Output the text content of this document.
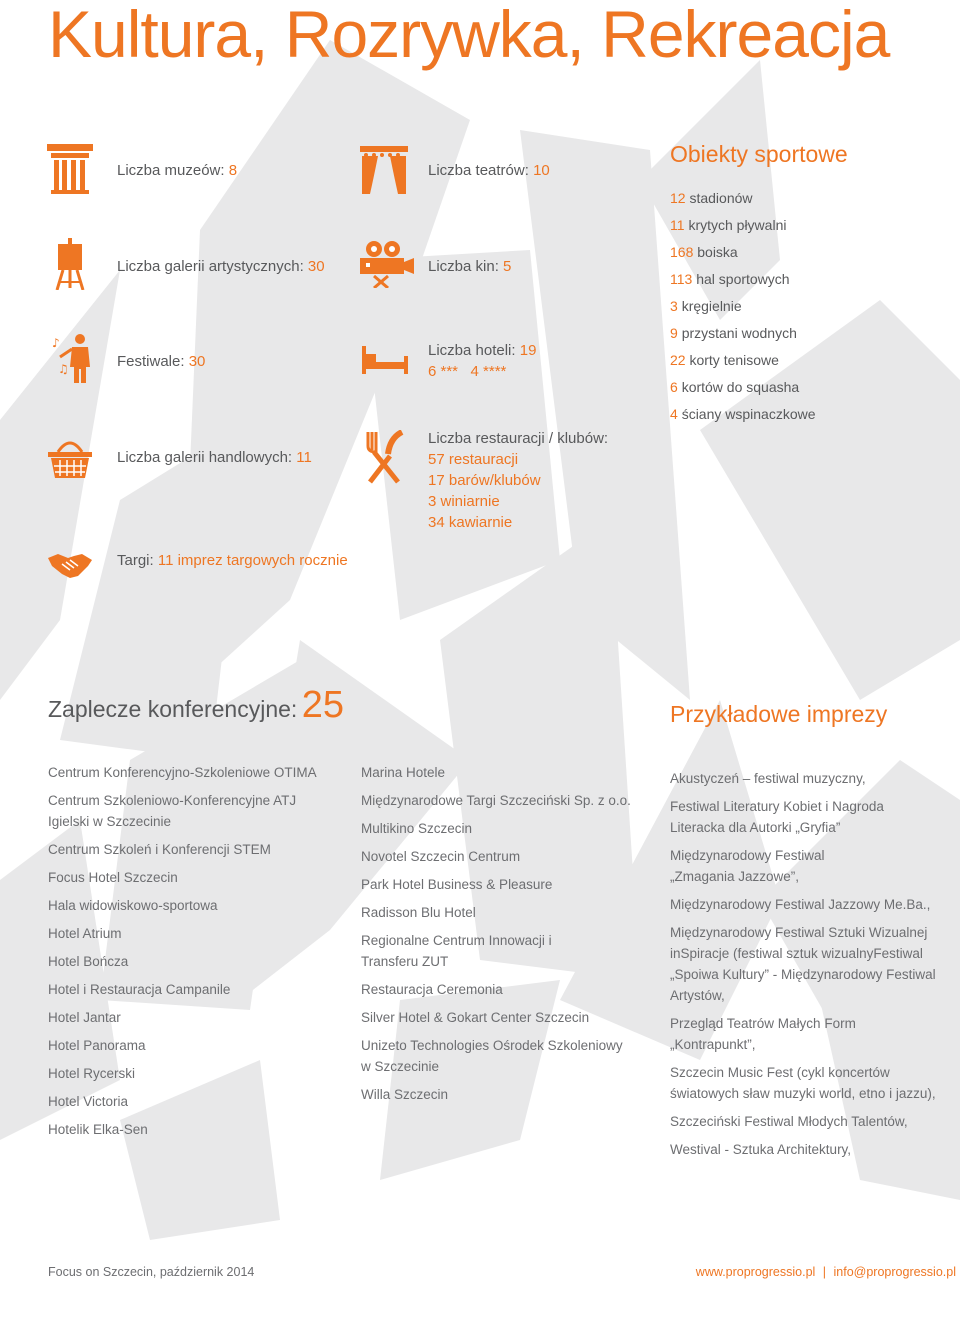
Kultura, Rozrywka, Rekreacja
♪
♫
Liczba muzeów: 8
Liczba galerii artystycznych: 30
Festiwale: 30
Liczba galerii handlowych: 11
Targi: 11 imprez targowych rocznie
Liczba teatrów: 10
Liczba kin: 5
Liczba hoteli: 19
6 ***   4 ****
Liczba restauracji / klubów:
57 restauracji
17 barów/klubów
3 winiarnie
34 kawiarnie
Obiekty sportowe
12 stadionów
11 krytych pływalni
168 boiska
113 hal sportowych
3 kręgielnie
9 przystani wodnych
22 korty tenisowe
6 kortów do squasha
4 ściany wspinaczkowe
Zaplecze konferencyjne: 25	Przykładowe imprezy
Centrum Konferencyjno-Szkoleniowe OTIMA
Centrum Szkoleniowo-Konferencyjne ATJ Igielski w Szczecinie
Centrum Szkoleń i Konferencji STEM
Focus Hotel Szczecin
Hala widowiskowo-sportowa
Hotel Atrium
Hotel Bończa
Hotel i Restauracja Campanile
Hotel Jantar
Hotel Panorama
Hotel Rycerski
Hotel Victoria
Hotelik Elka-Sen
Marina Hotele
Międzynarodowe Targi Szczeciński Sp. z o.o.
Multikino Szczecin
Novotel Szczecin Centrum
Park Hotel Business & Pleasure
Radisson Blu Hotel
Regionalne Centrum Innowacji i Transferu ZUT
Restauracja Ceremonia
Silver Hotel & Gokart Center Szczecin
Unizeto Technologies Ośrodek Szkoleniowy w Szczecinie
Willa Szczecin
Akustyczeń – festiwal muzyczny,
Festiwal Literatury Kobiet i Nagroda Literacka dla Autorki „Gryfia”
Międzynarodowy Festiwal „Zmagania Jazzowe”,
Międzynarodowy Festiwal Jazzowy Me.Ba.,
Międzynarodowy Festiwal Sztuki Wizualnej inSpiracje (festiwal sztuk wizualnyFestiwal „Spoiwa Kultury” - Międzynarodowy Festiwal Artystów,
Przegląd Teatrów Małych Form „Kontrapunkt”,
Szczecin Music Fest (cykl koncertów światowych sław muzyki world, etno i jazzu),
Szczeciński Festiwal Młodych Talentów,
Westival - Sztuka Architektury,
Focus on Szczecin, październik 2014	www.proprogressio.pl | info@proprogressio.pl
